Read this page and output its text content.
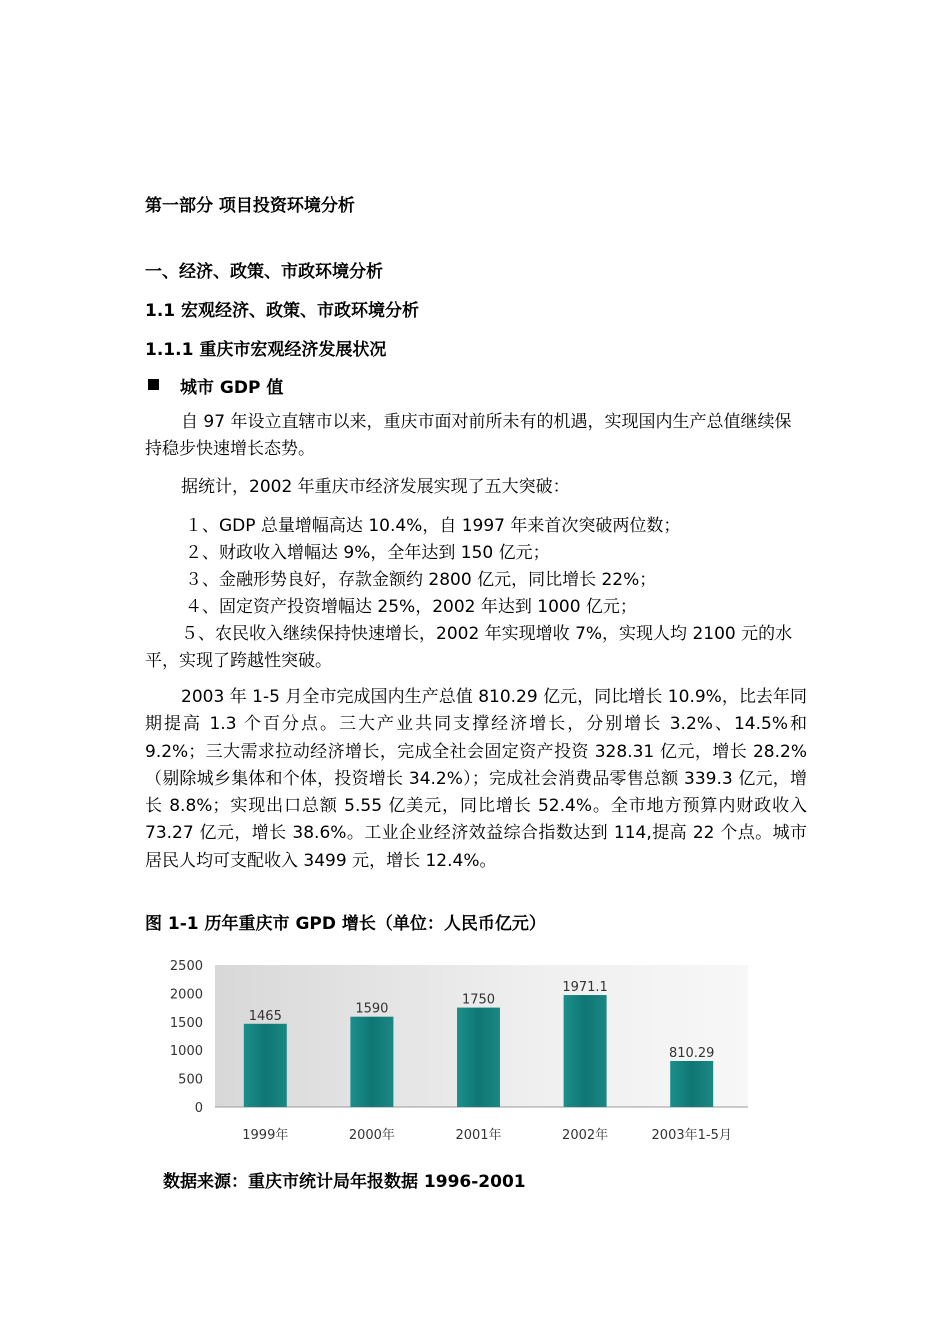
第一部分 项目投资环境分析
一、经济、政策、市政环境分析
1.1 宏观经济、政策、市政环境分析
1.1.1 重庆市宏观经济发展状况
城市 GDP 值

自 97 年设立直辖市以来，重庆市面对前所未有的机遇，实现国内生产总值继续保持稳步快速增长态势。

据统计，2002 年重庆市经济发展实现了五大突破：

１、GDP 总量增幅高达 10.4%，自 1997 年来首次突破两位数；
２、财政收入增幅达 9%，全年达到 150 亿元；
３、金融形势良好，存款金额约 2800 亿元，同比增长 22%；
４、固定资产投资增幅达 25%，2002 年达到 1000 亿元；

５、农民收入继续保持快速增长，2002 年实现增收 7%，实现人均 2100 元的水平，实现了跨越性突破。

2003 年 1-5 月全市完成国内生产总值 810.29 亿元，同比增长 10.9%，比去年同期提高 1.3 个百分点。三大产业共同支撑经济增长，分别增长 3.2%、14.5%和 9.2%；三大需求拉动经济增长，完成全社会固定资产投资 328.31 亿元，增长 28.2%（剔除城乡集体和个体，投资增长 34.2%）；完成社会消费品零售总额 339.3 亿元，增长 8.8%；实现出口总额 5.55 亿美元，同比增长 52.4%。全市地方预算内财政收入 73.27 亿元，增长 38.6%。工业企业经济效益综合指数达到 114,提高 22 个点。城市居民人均可支配收入 3499 元，增长 12.4%。

图 1-1 历年重庆市 GPD 增长（单位：人民币亿元）
2500
2000
1500
1000
500
0
1465
1999年
1590
2000年
1750
2001年
1971.1
2002年
810.29
2003年1-5月
数据来源：重庆市统计局年报数据 1996-2001
